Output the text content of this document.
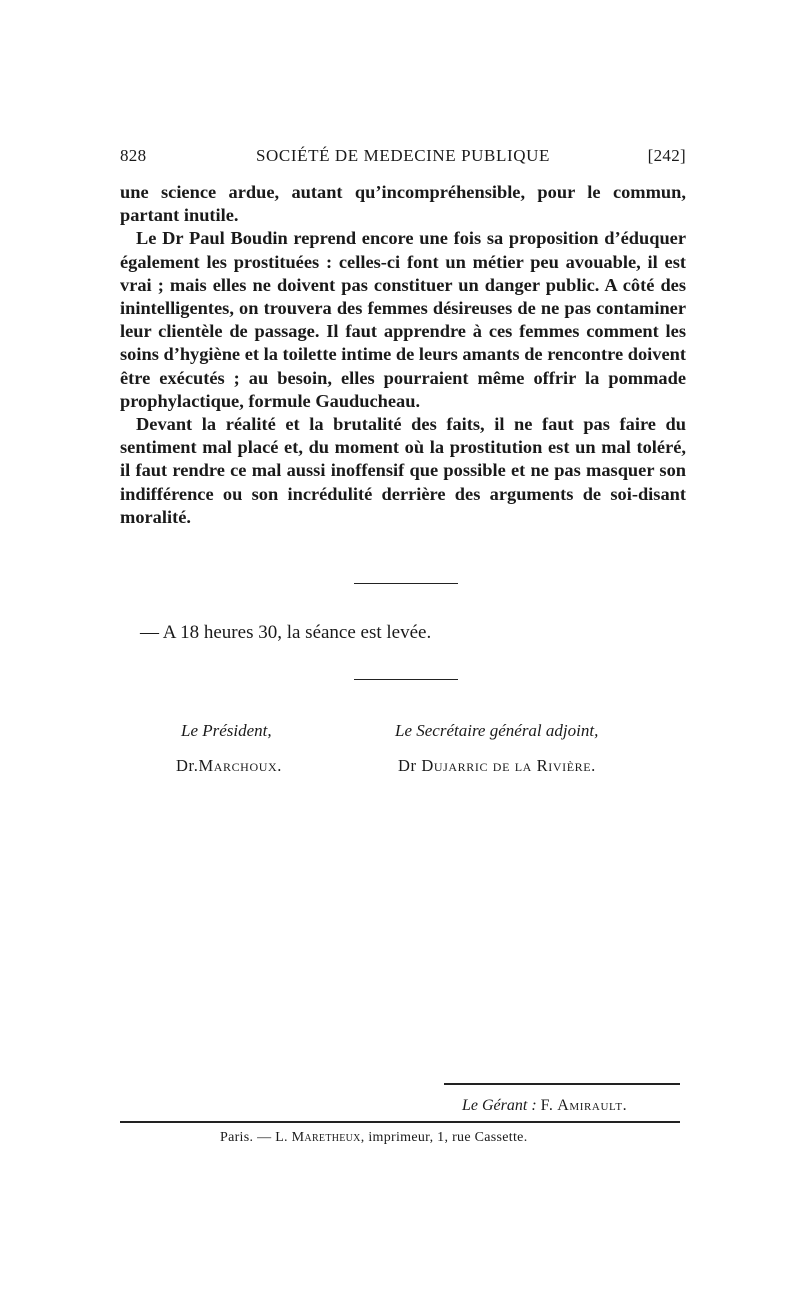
828	SOCIÉTÉ DE MEDECINE PUBLIQUE	[242]

une science ardue, autant qu’incompréhensible, pour le commun, partant inutile.

Le Dr Paul Boudin reprend encore une fois sa proposition d’éduquer également les prostituées : celles-ci font un métier peu avouable, il est vrai ; mais elles ne doivent pas constituer un danger public. A côté des inintelligentes, on trouvera des femmes désireuses de ne pas contaminer leur clientèle de passage. Il faut apprendre à ces femmes comment les soins d’hygiène et la toilette intime de leurs amants de rencontre doivent être exécutés ; au besoin, elles pourraient même offrir la pommade prophylactique, formule Gauducheau.

Devant la réalité et la brutalité des faits, il ne faut pas faire du sentiment mal placé et, du moment où la prostitution est un mal toléré, il faut rendre ce mal aussi inoffensif que possible et ne pas masquer son indifférence ou son incrédulité derrière des arguments de soi-disant moralité.

— A 18 heures 30, la séance est levée.
Le Président,	Le Secrétaire général adjoint,
Dr.Marchoux.	Dr Dujarric de la Rivière.
Le Gérant : F. Amirault.
Paris. — L. Maretheux, imprimeur, 1, rue Cassette.
